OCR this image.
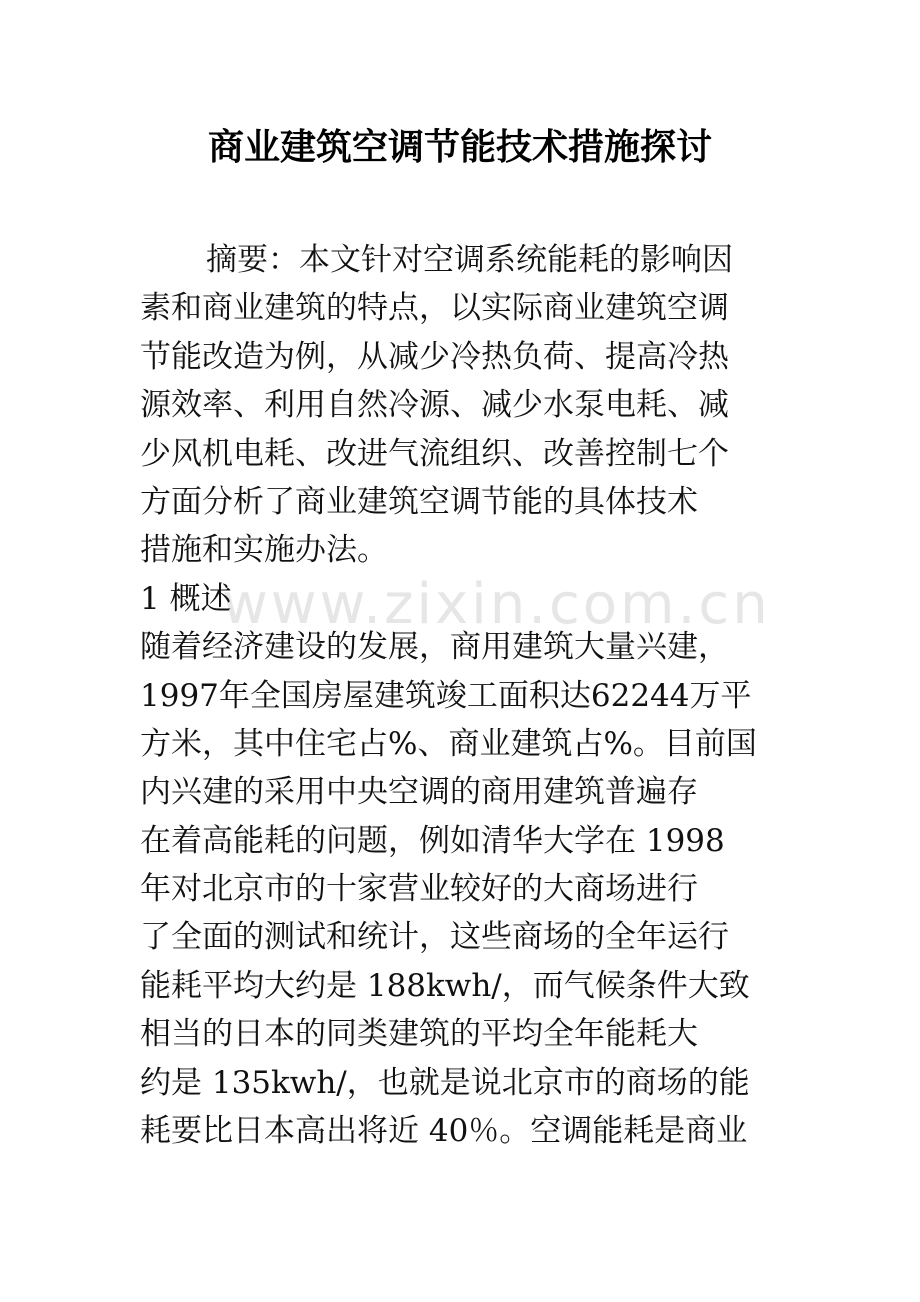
www.zixin.com.cn
商业建筑空调节能技术措施探讨
摘要：本文针对空调系统能耗的影响因
素和商业建筑的特点，以实际商业建筑空调
节能改造为例，从减少冷热负荷、提高冷热
源效率、利用自然冷源、减少水泵电耗、减
少风机电耗、改进气流组织、改善控制七个
方面分析了商业建筑空调节能的具体技术
措施和实施办法。
1 概述
随着经济建设的发展，商用建筑大量兴建，
1997年全国房屋建筑竣工面积达62244万平
方米，其中住宅占%、商业建筑占%。目前国
内兴建的采用中央空调的商用建筑普遍存
在着高能耗的问题，例如清华大学在 1998
年对北京市的十家营业较好的大商场进行
了全面的测试和统计，这些商场的全年运行
能耗平均大约是 188kwh/，而气候条件大致
相当的日本的同类建筑的平均全年能耗大
约是 135kwh/，也就是说北京市的商场的能
耗要比日本高出将近 40％。空调能耗是商业
